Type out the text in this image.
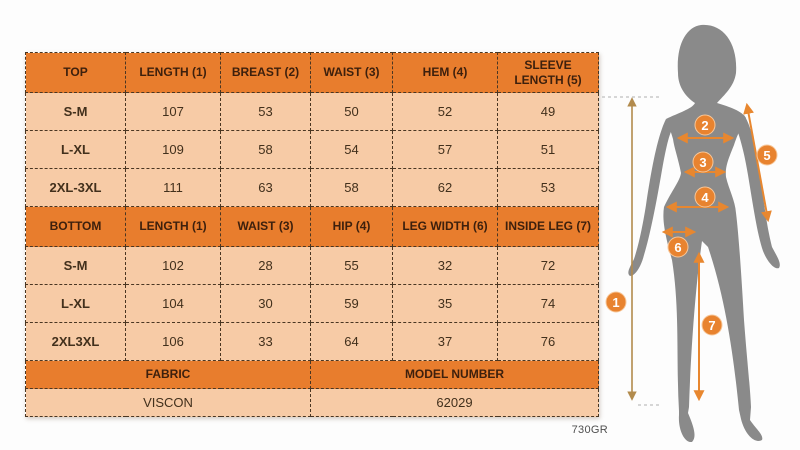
TOP	LENGTH (1)	BREAST (2)	WAIST (3)	HEM (4)	SLEEVE LENGTH (5)
S-M	107	53	50	52	49
L-XL	109	58	54	57	51
2XL-3XL	111	63	58	62	53
BOTTOM	LENGTH (1)	WAIST (3)	HIP (4)	LEG WIDTH (6)	INSIDE LEG (7)
S-M	102	28	55	32	72
L-XL	104	30	59	35	74
2XL3XL	106	33	64	37	76
FABRIC			MODEL NUMBER		
VISCON			62029		
1
2
3
4
5
6
7
730GR
